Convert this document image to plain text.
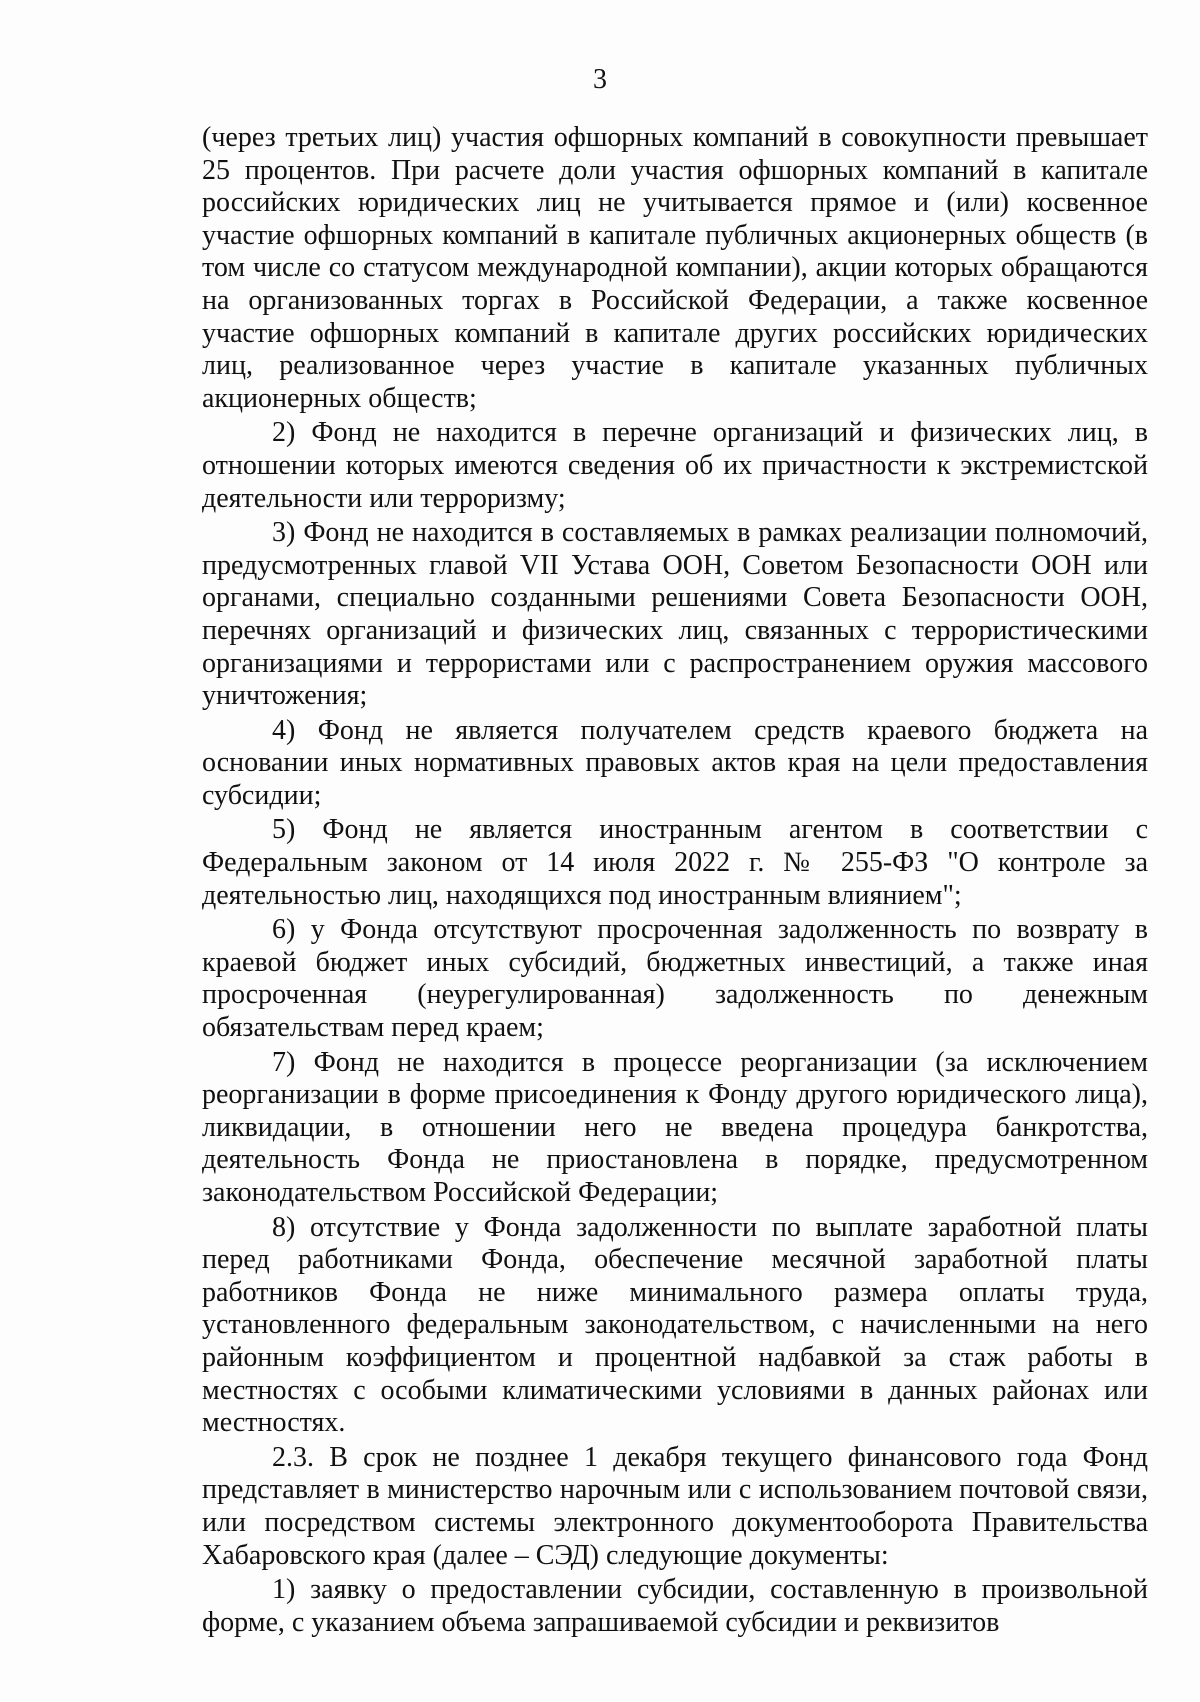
3

(через третьих лиц) участия офшорных компаний в совокупности превышает 25 процентов. При расчете доли участия офшорных компаний в капитале российских юридических лиц не учитывается прямое и (или) косвенное участие офшорных компаний в капитале публичных акционерных обществ (в том числе со статусом международной компании), акции которых обращаются на организованных торгах в Российской Федерации, а также косвенное участие офшорных компаний в капитале других российских юридических лиц, реализованное через участие в капитале указанных публичных акционерных обществ;

2) Фонд не находится в перечне организаций и физических лиц, в отношении которых имеются сведения об их причастности к экстремистской деятельности или терроризму;

3) Фонд не находится в составляемых в рамках реализации полномочий, предусмотренных главой VII Устава ООН, Советом Безопасности ООН или органами, специально созданными решениями Совета Безопасности ООН, перечнях организаций и физических лиц, связанных с террористическими организациями и террористами или с распространением оружия массового уничтожения;

4) Фонд не является получателем средств краевого бюджета на основании иных нормативных правовых актов края на цели предоставления субсидии;

5) Фонд не является иностранным агентом в соответствии с Федеральным законом от 14 июля 2022 г. № 255-ФЗ "О контроле за деятельностью лиц, находящихся под иностранным влиянием";

6) у Фонда отсутствуют просроченная задолженность по возврату в краевой бюджет иных субсидий, бюджетных инвестиций, а также иная просроченная (неурегулированная) задолженность по денежным обязательствам перед краем;

7) Фонд не находится в процессе реорганизации (за исключением реорганизации в форме присоединения к Фонду другого юридического лица), ликвидации, в отношении него не введена процедура банкротства, деятельность Фонда не приостановлена в порядке, предусмотренном законодательством Российской Федерации;

8) отсутствие у Фонда задолженности по выплате заработной платы перед работниками Фонда, обеспечение месячной заработной платы работников Фонда не ниже минимального размера оплаты труда, установленного федеральным законодательством, с начисленными на него районным коэффициентом и процентной надбавкой за стаж работы в местностях с особыми климатическими условиями в данных районах или местностях.

2.3. В срок не позднее 1 декабря текущего финансового года Фонд представляет в министерство нарочным или с использованием почтовой связи, или посредством системы электронного документооборота Правительства Хабаровского края (далее – СЭД) следующие документы:

1) заявку о предоставлении субсидии, составленную в произвольной форме, с указанием объема запрашиваемой субсидии и реквизитов
